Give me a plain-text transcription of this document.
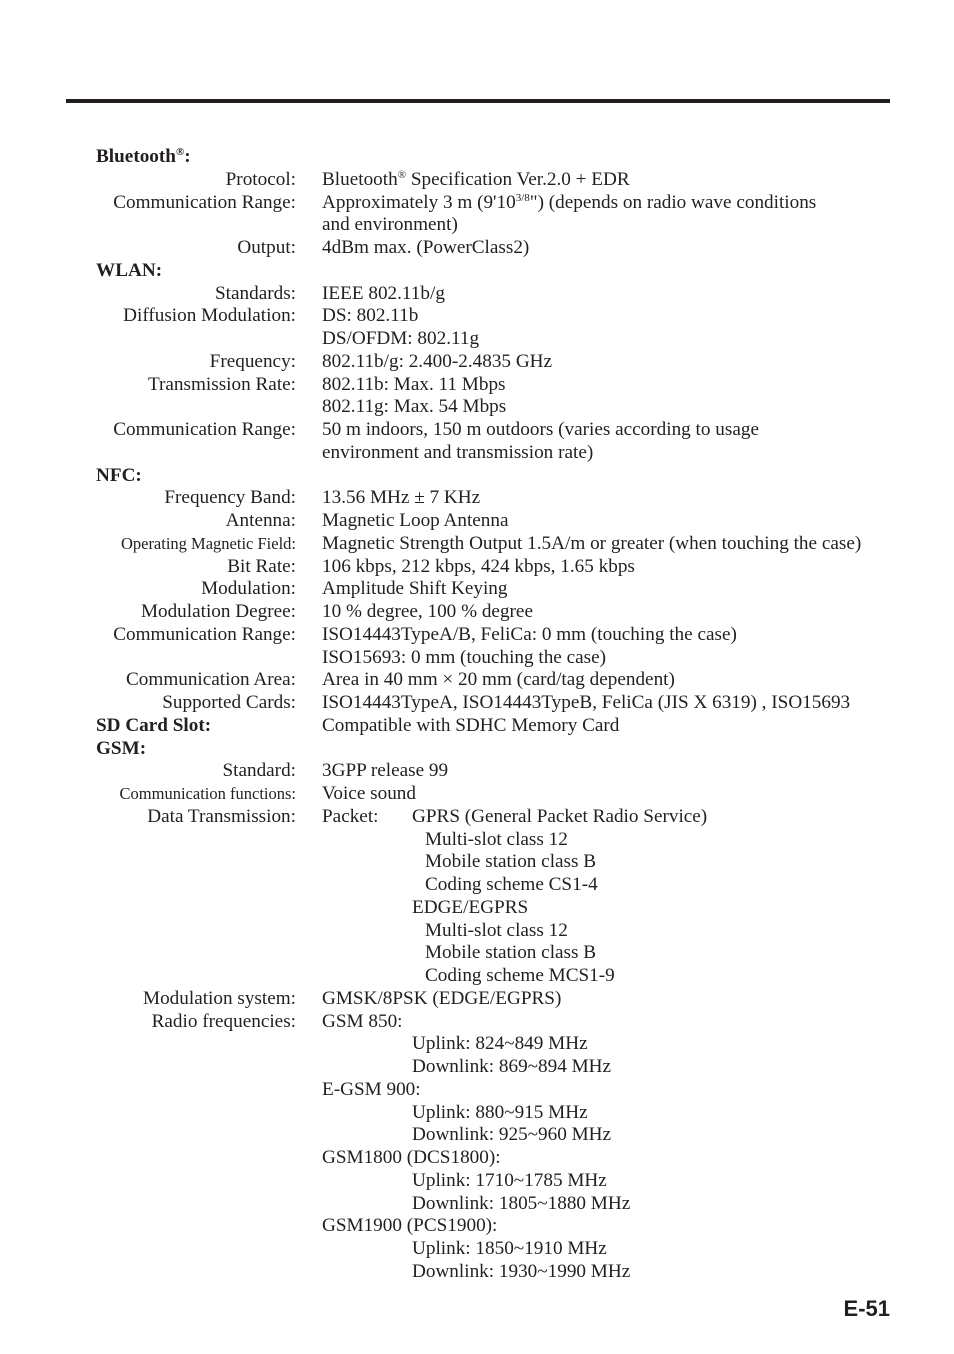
Bluetooth®:
Protocol: Bluetooth® Specification Ver.2.0 + EDR
Communication Range: Approximately 3 m $(9'10^{3/8}")$ (depends on radio wave conditions
and environment)
Output: 4dBm max. (PowerClass2)
WLAN:
Standards: IEEE 802.11b/g
Diffusion Modulation: DS: 802.11b
DS/OFDM: 802.11g
Frequency: 802.11b/g: 2.400-2.4835 GHz
Transmission Rate: 802.11b: Max. 11 Mbps
802.11g: Max. 54 Mbps
Communication Range: 50 m indoors, 150 m outdoors (varies according to usage
environment and transmission rate)
NFC:
Frequency Band: 13.56 MHz ± 7 KHz
Antenna: Magnetic Loop Antenna
Operating Magnetic Field: Magnetic Strength Output 1.5A/m or greater (when touching the case)
Bit Rate: 106 kbps, 212 kbps, 424 kbps, 1.65 kbps
Modulation: Amplitude Shift Keying
Modulation Degree: 10 % degree, 100 % degree
Communication Range: ISO14443TypeA/B, FeliCa: 0 mm (touching the case)
ISO15693: 0 mm (touching the case)
Communication Area: Area in 40 mm × 20 mm (card/tag dependent)
Supported Cards: ISO14443TypeA, ISO14443TypeB, FeliCa (JIS X 6319) , ISO15693
SD Card Slot:	Compatible with SDHC Memory Card
GSM:
Standard: 3GPP release 99
Communication functions: Voice sound
Data Transmission: Packet: GPRS (General Packet Radio Service)
Multi-slot class 12
Mobile station class B
Coding scheme CS1-4
EDGE/EGPRS
Multi-slot class 12
Mobile station class B
Coding scheme MCS1-9
Modulation system: GMSK/8PSK (EDGE/EGPRS)
Radio frequencies: GSM 850:
Uplink: 824~849 MHz
Downlink: 869~894 MHz
E-GSM 900:
Uplink: 880~915 MHz
Downlink: 925~960 MHz
GSM1800 (DCS1800):
Uplink: 1710~1785 MHz
Downlink: 1805~1880 MHz
GSM1900 (PCS1900):
Uplink: 1850~1910 MHz
Downlink: 1930~1990 MHz
E-51
